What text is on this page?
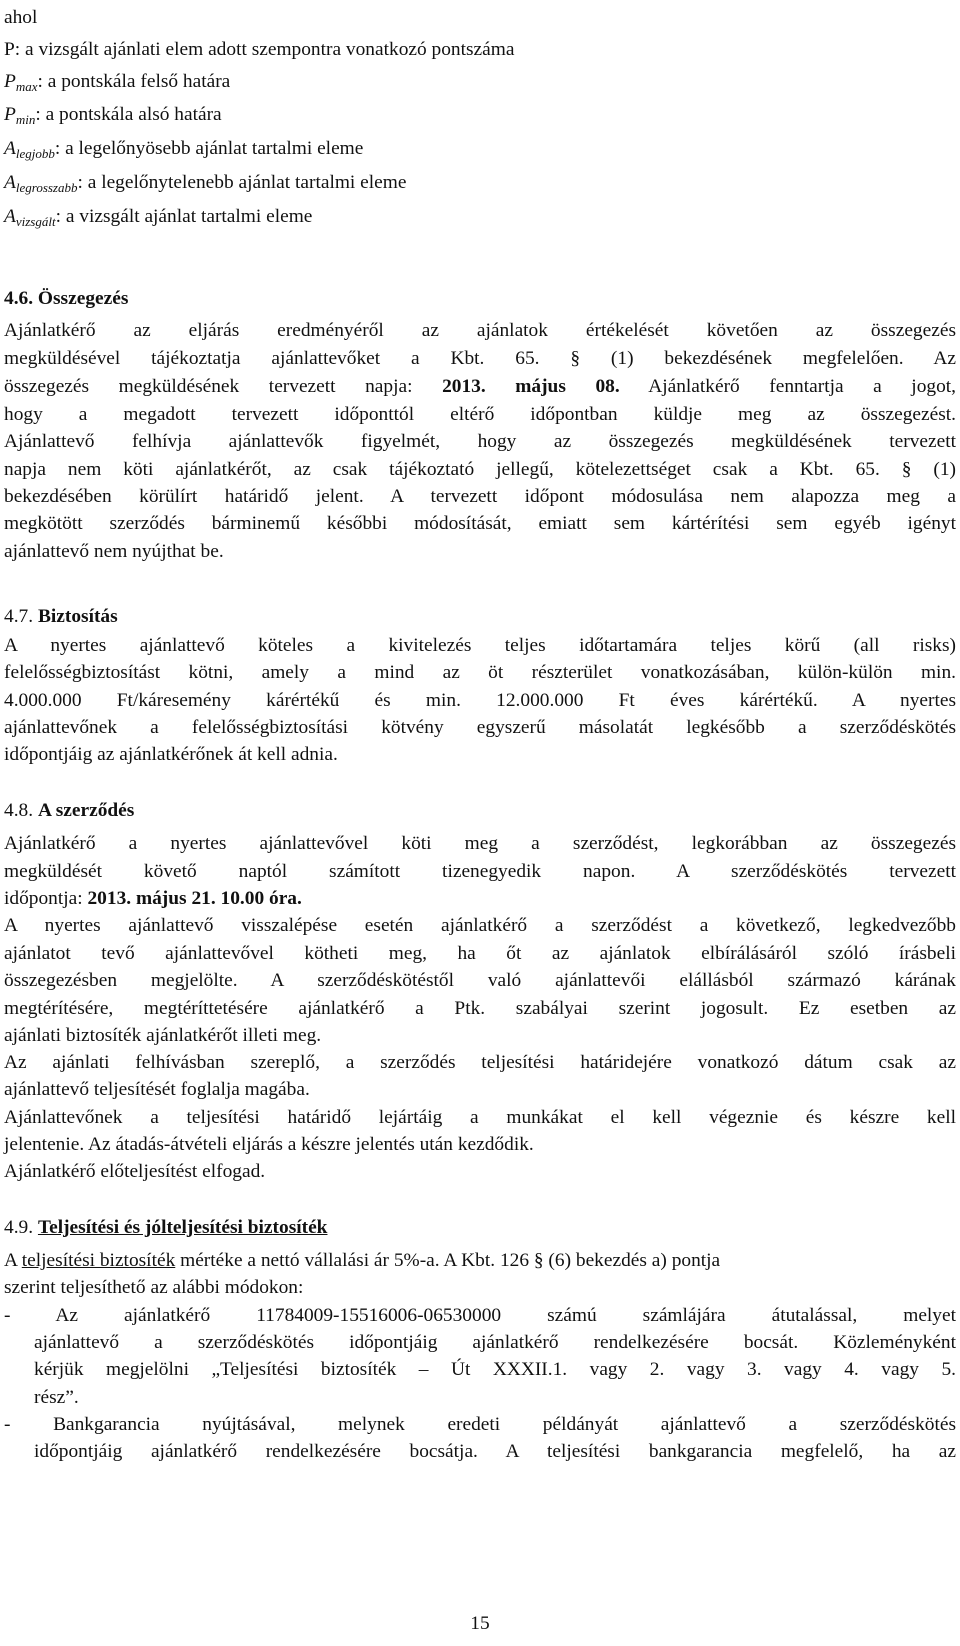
ahol
P: a vizsgált ajánlati elem adott szempontra vonatkozó pontszáma
$P_{max}$: a pontskála felső határa
$P_{min}$: a pontskála alsó határa
$A_{legjobb}$: a legelőnyösebb ajánlat tartalmi eleme
$A_{legrosszabb}$: a legelőnytelenebb ajánlat tartalmi eleme
$A_{vizsgált}$: a vizsgált ajánlat tartalmi eleme
4.6. Összegezés
Ajánlatkérő az eljárás eredményéről az ajánlatok értékelését követően az összegezés
megküldésével tájékoztatja ajánlattevőket a Kbt. 65. § (1) bekezdésének megfelelően. Az
összegezés megküldésének tervezett napja: 2013. május 08. Ajánlatkérő fenntartja a jogot,
hogy a megadott tervezett időponttól eltérő időpontban küldje meg az összegezést.
Ajánlattevő felhívja ajánlattevők figyelmét, hogy az összegezés megküldésének tervezett
napja nem köti ajánlatkérőt, az csak tájékoztató jellegű, kötelezettséget csak a Kbt. 65. § (1)
bekezdésében körülírt határidő jelent. A tervezett időpont módosulása nem alapozza meg a
megkötött szerződés bárminemű későbbi módosítását, emiatt sem kártérítési sem egyéb igényt
ajánlattevő nem nyújthat be.
4.7. Biztosítás
A nyertes ajánlattevő köteles a kivitelezés teljes időtartamára teljes körű (all risks)
felelősségbiztosítást kötni, amely a mind az öt részterület vonatkozásában, külön-külön min.
4.000.000 Ft/káresemény kárértékű és min. 12.000.000 Ft éves kárértékű. A nyertes
ajánlattevőnek a felelősségbiztosítási kötvény egyszerű másolatát legkésőbb a szerződéskötés
időpontjáig az ajánlatkérőnek át kell adnia.
4.8. A szerződés
Ajánlatkérő a nyertes ajánlattevővel köti meg a szerződést, legkorábban az összegezés
megküldését követő naptól számított tizenegyedik napon. A szerződéskötés tervezett
időpontja: 2013. május 21. 10.00 óra.
A nyertes ajánlattevő visszalépése esetén ajánlatkérő a szerződést a következő, legkedvezőbb
ajánlatot tevő ajánlattevővel kötheti meg, ha őt az ajánlatok elbírálásáról szóló írásbeli
összegezésben megjelölte. A szerződéskötéstől való ajánlattevői elállásból származó kárának
megtérítésére, megtéríttetésére ajánlatkérő a Ptk. szabályai szerint jogosult. Ez esetben az
ajánlati biztosíték ajánlatkérőt illeti meg.
Az ajánlati felhívásban szereplő, a szerződés teljesítési határidejére vonatkozó dátum csak az
ajánlattevő teljesítését foglalja magába.
Ajánlattevőnek a teljesítési határidő lejártáig a munkákat el kell végeznie és készre kell
jelentenie. Az átadás-átvételi eljárás a készre jelentés után kezdődik.
Ajánlatkérő előteljesítést elfogad.
4.9. Teljesítési és jólteljesítési biztosíték
A teljesítési biztosíték mértéke a nettó vállalási ár 5%-a. A Kbt. 126 § (6) bekezdés a) pontja
szerint teljesíthető az alábbi módokon:
- Az ajánlatkérő 11784009-15516006-06530000 számú számlájára átutalással, melyet
ajánlattevő a szerződéskötés időpontjáig ajánlatkérő rendelkezésére bocsát. Közleményként
kérjük megjelölni „Teljesítési biztosíték – Út XXXII.1. vagy 2. vagy 3. vagy 4. vagy 5.
rész”.
- Bankgarancia nyújtásával, melynek eredeti példányát ajánlattevő a szerződéskötés
időpontjáig ajánlatkérő rendelkezésére bocsátja. A teljesítési bankgarancia megfelelő, ha az
15
